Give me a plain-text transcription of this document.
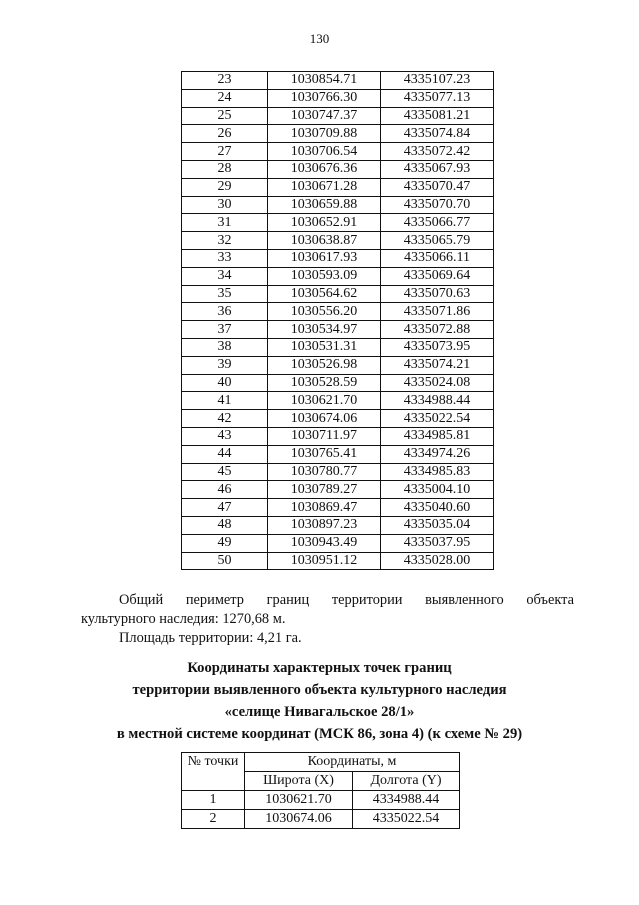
130
23	1030854.71	4335107.23
24	1030766.30	4335077.13
25	1030747.37	4335081.21
26	1030709.88	4335074.84
27	1030706.54	4335072.42
28	1030676.36	4335067.93
29	1030671.28	4335070.47
30	1030659.88	4335070.70
31	1030652.91	4335066.77
32	1030638.87	4335065.79
33	1030617.93	4335066.11
34	1030593.09	4335069.64
35	1030564.62	4335070.63
36	1030556.20	4335071.86
37	1030534.97	4335072.88
38	1030531.31	4335073.95
39	1030526.98	4335074.21
40	1030528.59	4335024.08
41	1030621.70	4334988.44
42	1030674.06	4335022.54
43	1030711.97	4334985.81
44	1030765.41	4334974.26
45	1030780.77	4334985.83
46	1030789.27	4335004.10
47	1030869.47	4335040.60
48	1030897.23	4335035.04
49	1030943.49	4335037.95
50	1030951.12	4335028.00
Общий периметр границ территории выявленного объекта
культурного наследия: 1270,68 м.
Площадь территории: 4,21 га.
Координаты характерных точек границ
территории выявленного объекта культурного наследия
«селище Нивагальское 28/1»
в местной системе координат (МСК 86, зона 4) (к схеме № 29)
№ точки	Координаты, м	
	Широта (X)	Долгота (Y)
1	1030621.70	4334988.44
2	1030674.06	4335022.54
